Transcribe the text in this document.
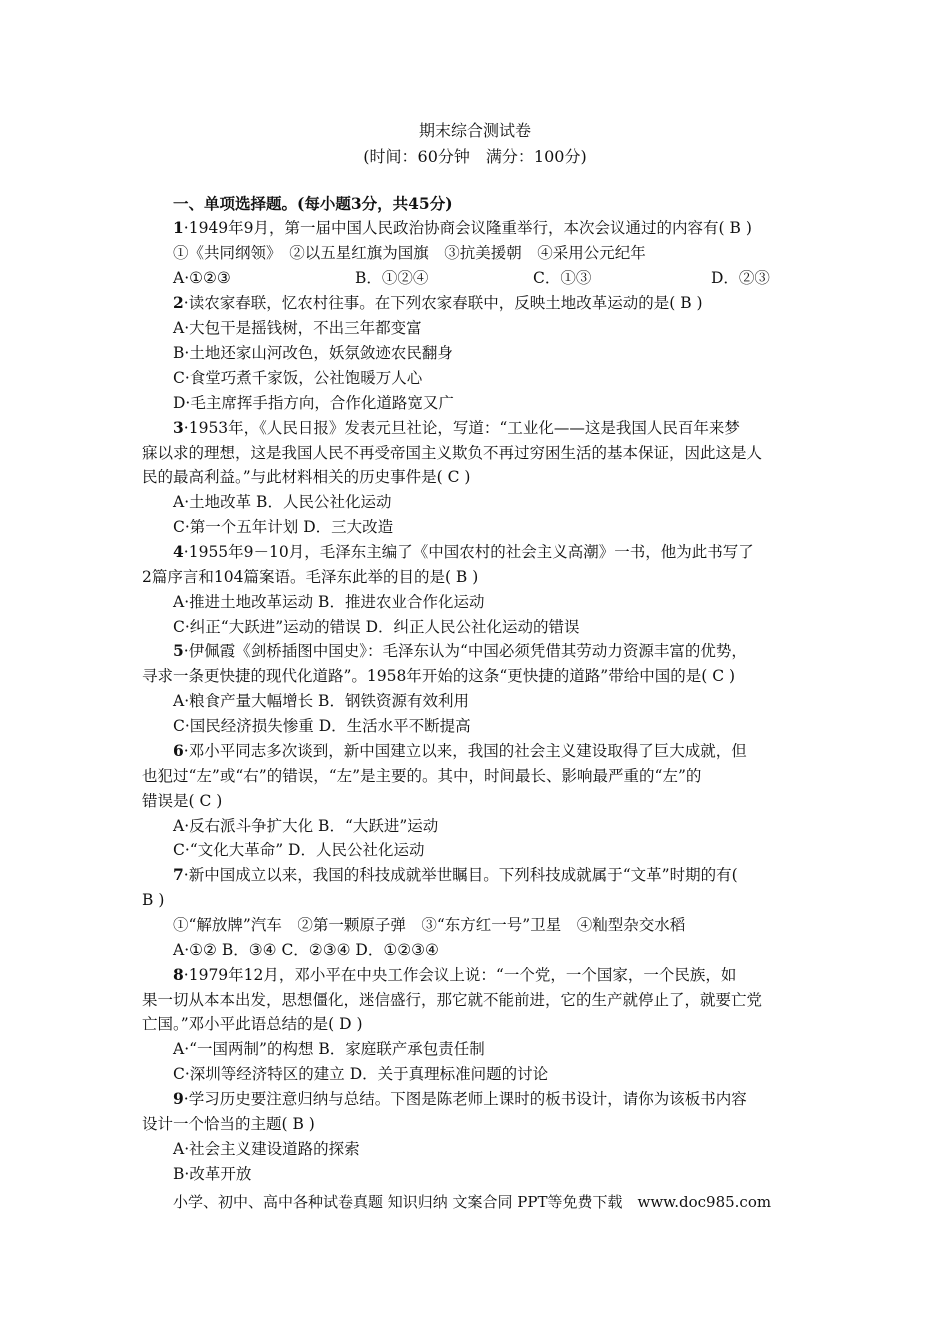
期末综合测试卷
(时间：60分钟　满分：100分)
一、单项选择题。(每小题3分，共45分)
1·1949年9月，第一届中国人民政治协商会议隆重举行，本次会议通过的内容有( B )
①《共同纲领》　②以五星红旗为国旗　③抗美援朝　④采用公元纪年
A·①②③	B．①②④	C．①③	D．②③
2·读农家春联，忆农村往事。在下列农家春联中，反映土地改革运动的是( B )
A·大包干是摇钱树，不出三年都变富
B·土地还家山河改色，妖氛敛迹农民翻身
C·食堂巧煮千家饭，公社饱暖万人心
D·毛主席挥手指方向，合作化道路宽又广
3·1953年，《人民日报》发表元旦社论，写道：“工业化——这是我国人民百年来梦
寐以求的理想，这是我国人民不再受帝国主义欺负不再过穷困生活的基本保证，因此这是人
民的最高利益。”与此材料相关的历史事件是( C )
A·土地改革 B．人民公社化运动
C·第一个五年计划 D．三大改造
4·1955年9－10月，毛泽东主编了《中国农村的社会主义高潮》一书，他为此书写了
2篇序言和104篇案语。毛泽东此举的目的是( B )
A·推进土地改革运动 B．推进农业合作化运动
C·纠正“大跃进”运动的错误 D．纠正人民公社化运动的错误
5·伊佩霞《剑桥插图中国史》：毛泽东认为“中国必须凭借其劳动力资源丰富的优势，
寻求一条更快捷的现代化道路”。1958年开始的这条“更快捷的道路”带给中国的是( C )
A·粮食产量大幅增长 B．钢铁资源有效利用
C·国民经济损失惨重 D．生活水平不断提高
6·邓小平同志多次谈到，新中国建立以来，我国的社会主义建设取得了巨大成就，但
也犯过“左”或“右”的错误，“左”是主要的。其中，时间最长、影响最严重的“左”的
错误是( C )
A·反右派斗争扩大化 B．“大跃进”运动
C·“文化大革命” D．人民公社化运动
7·新中国成立以来，我国的科技成就举世瞩目。下列科技成就属于“文革”时期的有(
B )
①“解放牌”汽车　②第一颗原子弹　③“东方红一号”卫星　④籼型杂交水稻
A·①② B．③④ C．②③④ D．①②③④
8·1979年12月，邓小平在中央工作会议上说：“一个党，一个国家，一个民族，如
果一切从本本出发，思想僵化，迷信盛行，那它就不能前进，它的生产就停止了，就要亡党
亡国。”邓小平此语总结的是( D )
A·“一国两制”的构想 B．家庭联产承包责任制
C·深圳等经济特区的建立 D．关于真理标准问题的讨论
9·学习历史要注意归纳与总结。下图是陈老师上课时的板书设计，请你为该板书内容
设计一个恰当的主题( B )
A·社会主义建设道路的探索
B·改革开放
小学、初中、高中各种试卷真题 知识归纳 文案合同 PPT等免费下载　www.doc985.com
